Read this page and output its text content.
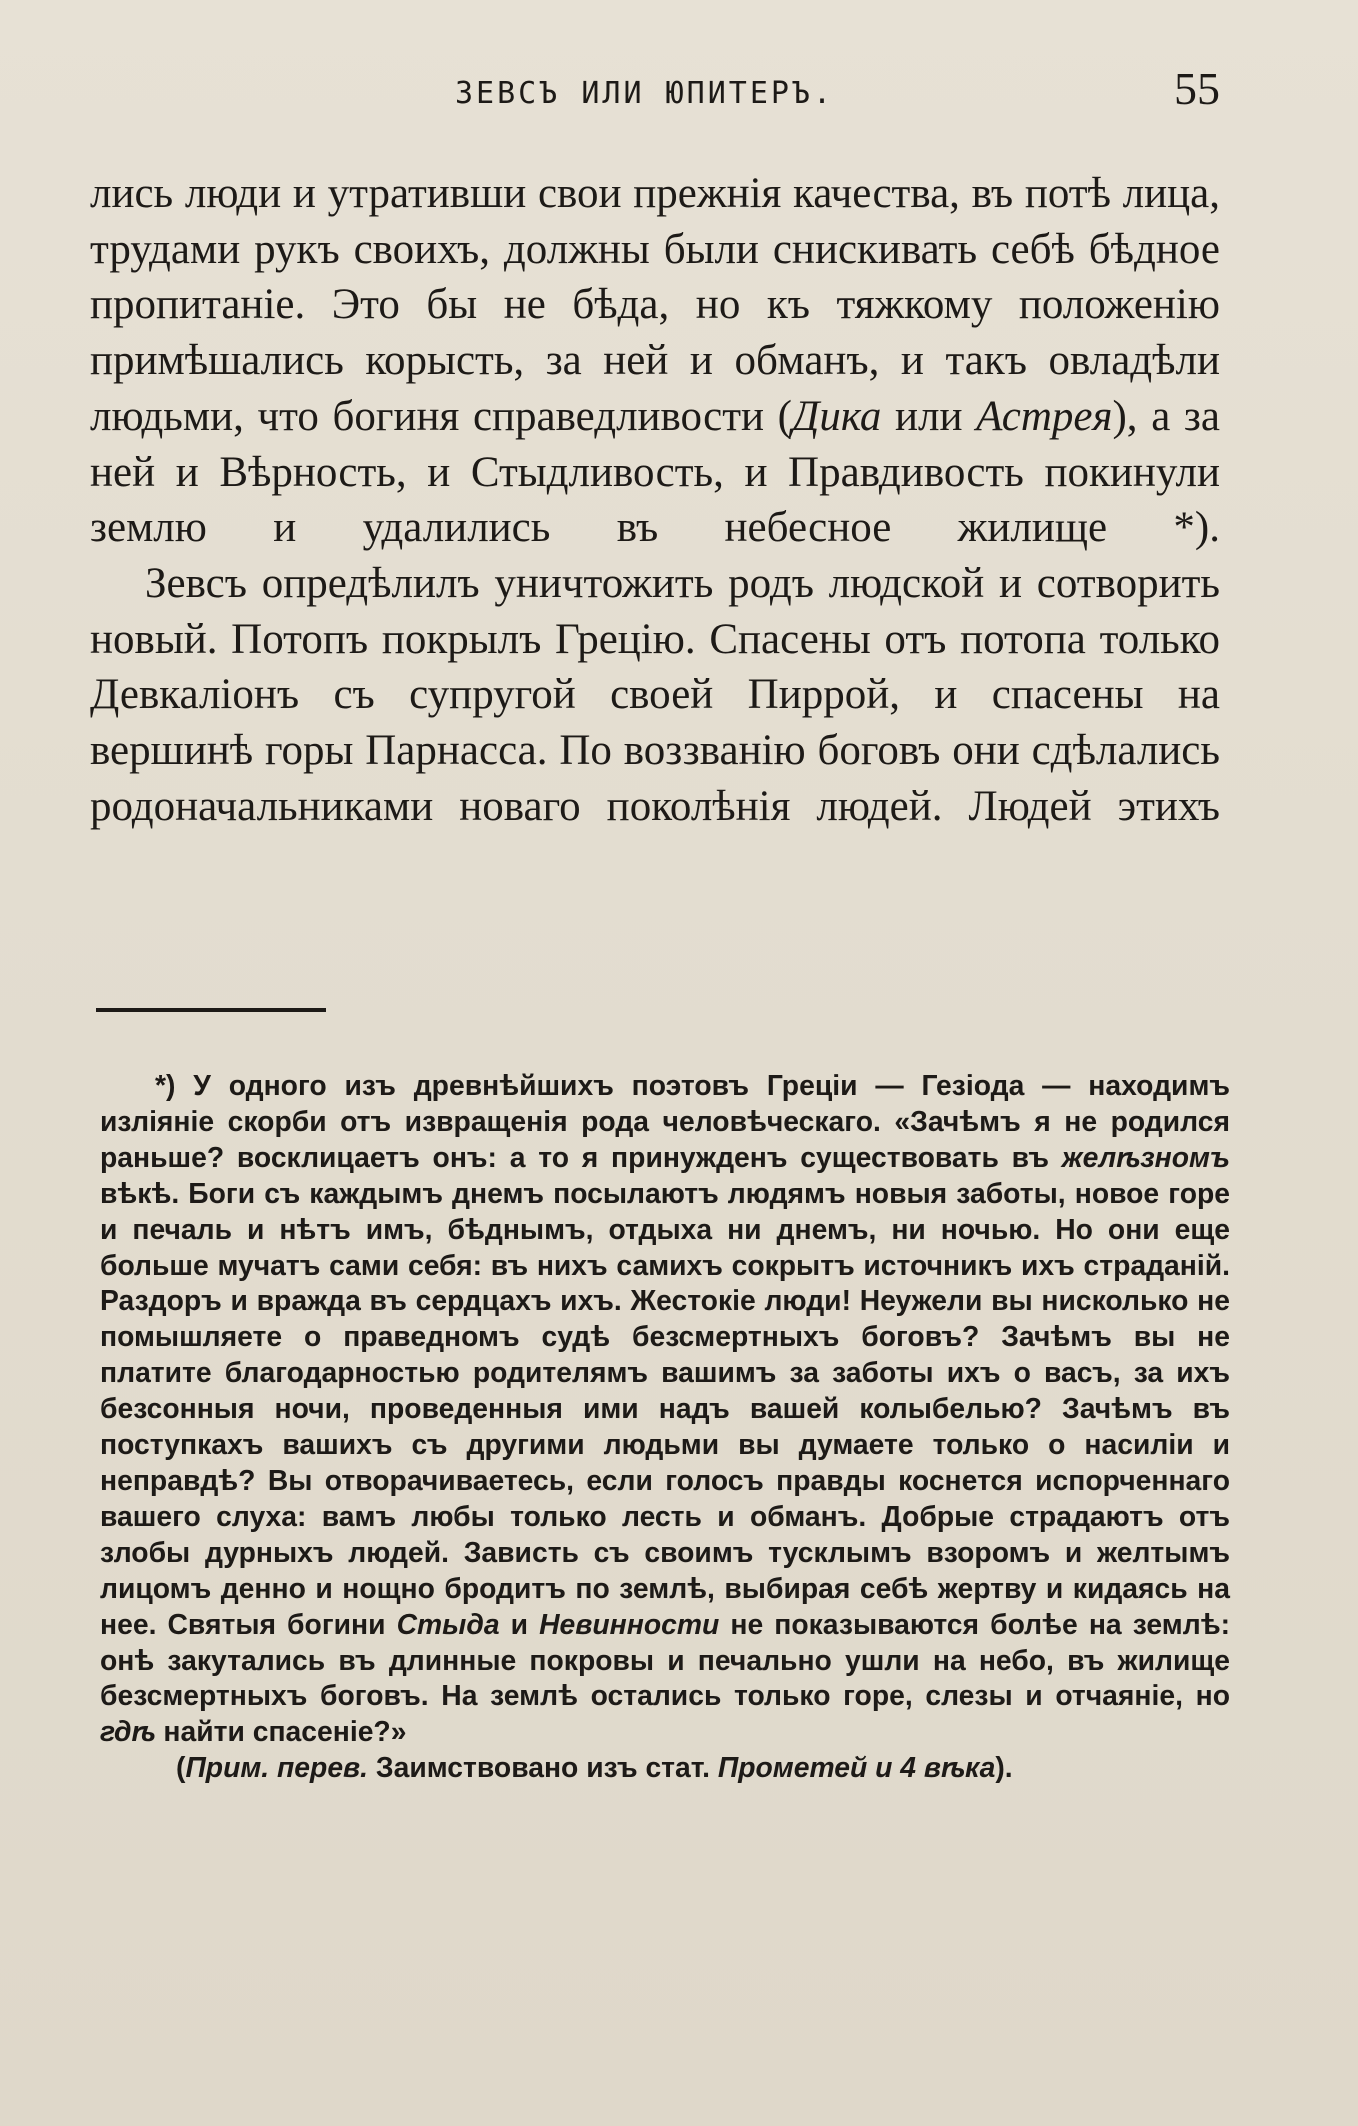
ЗЕВСЪ ИЛИ ЮПИТЕРЪ.	55

лись люди и утративши свои прежнія качества, въ потѣ лица, трудами рукъ своихъ, должны были снискивать себѣ бѣдное пропитаніе. Это бы не бѣда, но къ тяжкому положенію примѣшались корысть, за ней и обманъ, и такъ овладѣли людьми, что богиня справедливости (Дика или Астрея), а за ней и Вѣрность, и Стыдливость, и Правдивость покинули землю и удалились въ небесное жилище *).

Зевсъ опредѣлилъ уничтожить родъ людской и сотворить новый. Потопъ покрылъ Грецію. Спасены отъ потопа только Девкаліонъ съ супругой своей Пиррой, и спасены на вершинѣ горы Парнасса. По воззванію боговъ они сдѣлались родоначальниками новаго поколѣнія людей. Людей этихъ

*) У одного изъ древнѣйшихъ поэтовъ Греціи — Гезіода — находимъ изліяніе скорби отъ извращенія рода человѣческаго. «Зачѣмъ я не родился раньше? восклицаетъ онъ: а то я принужденъ существовать въ желѣзномъ вѣкѣ. Боги съ каждымъ днемъ посылаютъ людямъ новыя заботы, новое горе и печаль и нѣтъ имъ, бѣднымъ, отдыха ни днемъ, ни ночью. Но они еще больше мучатъ сами себя: въ нихъ самихъ сокрытъ источникъ ихъ страданій. Раздоръ и вражда въ сердцахъ ихъ. Жестокіе люди! Неужели вы нисколько не помышляете о праведномъ судѣ безсмертныхъ боговъ? Зачѣмъ вы не платите благодарностью родителямъ вашимъ за заботы ихъ о васъ, за ихъ безсонныя ночи, проведенныя ими надъ вашей колыбелью? Зачѣмъ въ поступкахъ вашихъ съ другими людьми вы думаете только о насиліи и неправдѣ? Вы отворачиваетесь, если голосъ правды коснется испорченнаго вашего слуха: вамъ любы только лесть и обманъ. Добрые страдаютъ отъ злобы дурныхъ людей. Зависть съ своимъ тусклымъ взоромъ и желтымъ лицомъ денно и нощно бродитъ по землѣ, выбирая себѣ жертву и кидаясь на нее. Святыя богини Стыда и Невинности не показываются болѣе на землѣ: онѣ закутались въ длинные покровы и печально ушли на небо, въ жилище безсмертныхъ боговъ. На землѣ остались только горе, слезы и отчаяніе, но гдѣ найти спасеніе?»

(Прим. перев. Заимствовано изъ стат. Прометей и 4 вѣка).
